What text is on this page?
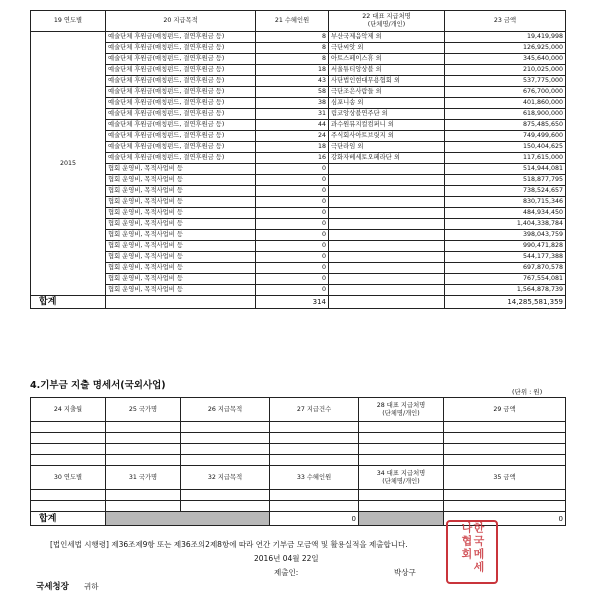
19 연도별	20 지급목적	21 수혜인원	22 대표 지급처명
(단체명/개인)	23 금액
2015	예술단체 후원금(매칭펀드, 결연후원금 등)	8	부산국제음악제 외	19,419,998
	예술단체 후원금(매칭펀드, 결연후원금 등)	8	극단씨앗 외	126,925,000
	예술단체 후원금(매칭펀드, 결연후원금 등)	8	아트스페이스휴 외	345,640,000
	예술단체 후원금(매칭펀드, 결연후원금 등)	18	서울튜티앙상블 외	210,025,000
	예술단체 후원금(매칭펀드, 결연후원금 등)	43	사단법인현대무용협회 외	537,775,000
	예술단체 후원금(매칭펀드, 결연후원금 등)	58	극단조은사람들 외	676,700,000
	예술단체 후원금(매칭펀드, 결연후원금 등)	38	심포니송 외	401,860,000
	예술단체 후원금(매칭펀드, 결연후원금 등)	31	림코앙상블연주단 외	618,900,000
	예술단체 후원금(매칭펀드, 결연후원금 등)	44	과수원뮤지컬컴퍼니 외	875,485,650
	예술단체 후원금(매칭펀드, 결연후원금 등)	24	주식회사아트브릿지 외	749,499,600
	예술단체 후원금(매칭펀드, 결연후원금 등)	18	극단라임 외	150,404,625
	예술단체 후원금(매칭펀드, 결연후원금 등)	16	강화자베세토오페라단 외	117,615,000
	협회 운영비, 목적사업비 등	0		514,944,081
	협회 운영비, 목적사업비 등	0		518,877,795
	협회 운영비, 목적사업비 등	0		738,524,657
	협회 운영비, 목적사업비 등	0		830,715,346
	협회 운영비, 목적사업비 등	0		484,934,450
	협회 운영비, 목적사업비 등	0		1,404,338,784
	협회 운영비, 목적사업비 등	0		398,043,759
	협회 운영비, 목적사업비 등	0		990,471,828
	협회 운영비, 목적사업비 등	0		544,177,388
	협회 운영비, 목적사업비 등	0		697,870,578
	협회 운영비, 목적사업비 등	0		767,554,081
	협회 운영비, 목적사업비 등	0		1,564,878,739
합계		314		14,285,581,359
4.기부금 지출 명세서(국외사업)
(단위 : 원)
24 지출월	25 국가명	26 지급목적	27 지급건수	28 대표 지급처명
(단체명/개인)	29 금액

30 연도별	31 국가명	32 지급목적	33 수혜인원	34 대표 지급처명
(단체명/개인)	35 금액

합계			0		0
[법인세법 시행령] 제36조제9항 또는 제36조의2제8항에 따라 연간 기부금 모금액 및 활용실적을 제출합니다.
2016년 04월 22일
제출인:	박상구
국세청장 귀하
한국메세나협회
